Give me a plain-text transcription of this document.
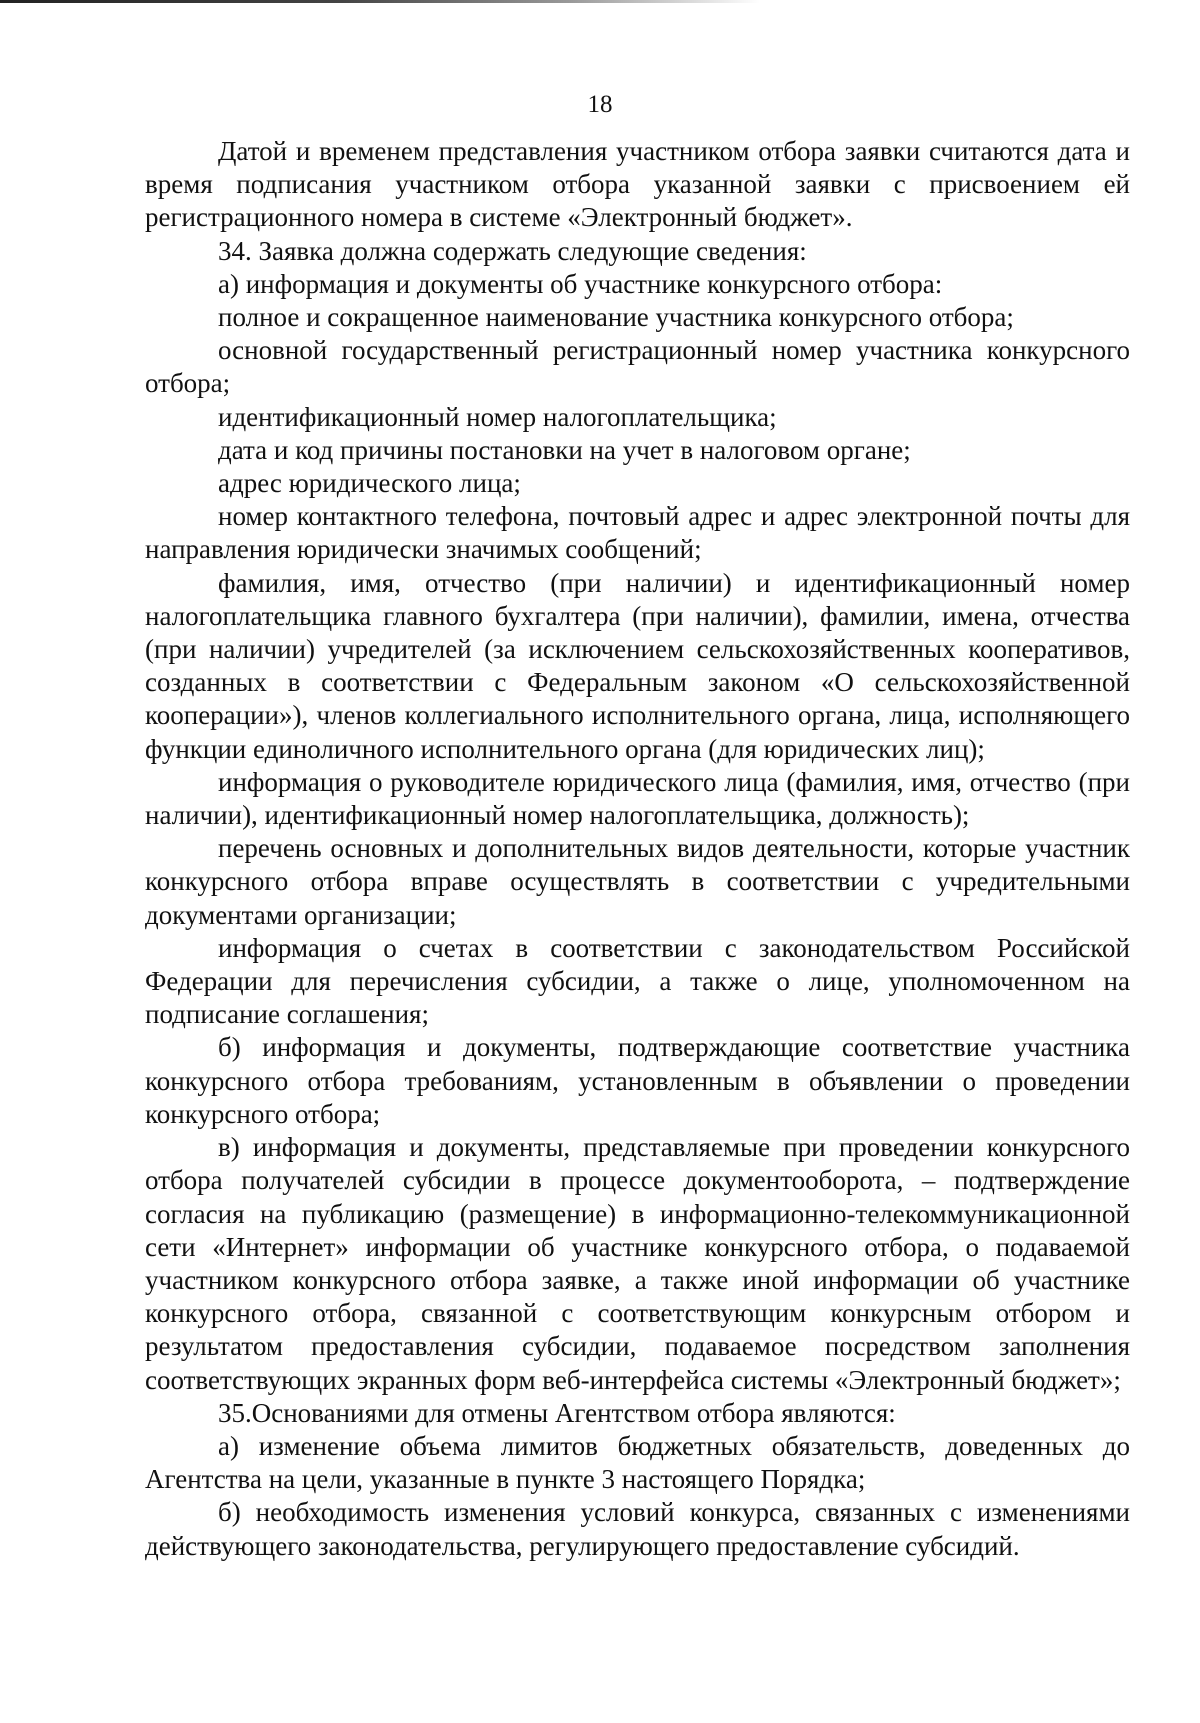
18

Датой и временем представления участником отбора заявки считаются дата и время подписания участником отбора указанной заявки с присвоением ей регистрационного номера в системе «Электронный бюджет».

34. Заявка должна содержать следующие сведения:

а) информация и документы об участнике конкурсного отбора:

полное и сокращенное наименование участника конкурсного отбора;

основной государственный регистрационный номер участника конкурсного отбора;

идентификационный номер налогоплательщика;

дата и код причины постановки на учет в налоговом органе;

адрес юридического лица;

номер контактного телефона, почтовый адрес и адрес электронной почты для направления юридически значимых сообщений;

фамилия, имя, отчество (при наличии) и идентификационный номер налогоплательщика главного бухгалтера (при наличии), фамилии, имена, отчества (при наличии) учредителей (за исключением сельскохозяйственных кооперативов, созданных в соответствии с Федеральным законом «О сельскохозяйственной кооперации»), членов коллегиального исполнительного органа, лица, исполняющего функции единоличного исполнительного органа (для юридических лиц);

информация о руководителе юридического лица (фамилия, имя, отчество (при наличии), идентификационный номер налогоплательщика, должность);

перечень основных и дополнительных видов деятельности, которые участник конкурсного отбора вправе осуществлять в соответствии с учредительными документами организации;

информация о счетах в соответствии с законодательством Российской Федерации для перечисления субсидии, а также о лице, уполномоченном на подписание соглашения;

б) информация и документы, подтверждающие соответствие участника конкурсного отбора требованиям, установленным в объявлении о проведении конкурсного отбора;

в) информация и документы, представляемые при проведении конкурсного отбора получателей субсидии в процессе документооборота, – подтверждение согласия на публикацию (размещение) в информационно-телекоммуникационной сети «Интернет» информации об участнике конкурсного отбора, о подаваемой участником конкурсного отбора заявке, а также иной информации об участнике конкурсного отбора, связанной с соответствующим конкурсным отбором и результатом предоставления субсидии, подаваемое посредством заполнения соответствующих экранных форм веб-интерфейса системы «Электронный бюджет»;

35.Основаниями для отмены Агентством отбора являются:

а) изменение объема лимитов бюджетных обязательств, доведенных до Агентства на цели, указанные в пункте 3 настоящего Порядка;

б) необходимость изменения условий конкурса, связанных с изменениями действующего законодательства, регулирующего предоставление субсидий.
